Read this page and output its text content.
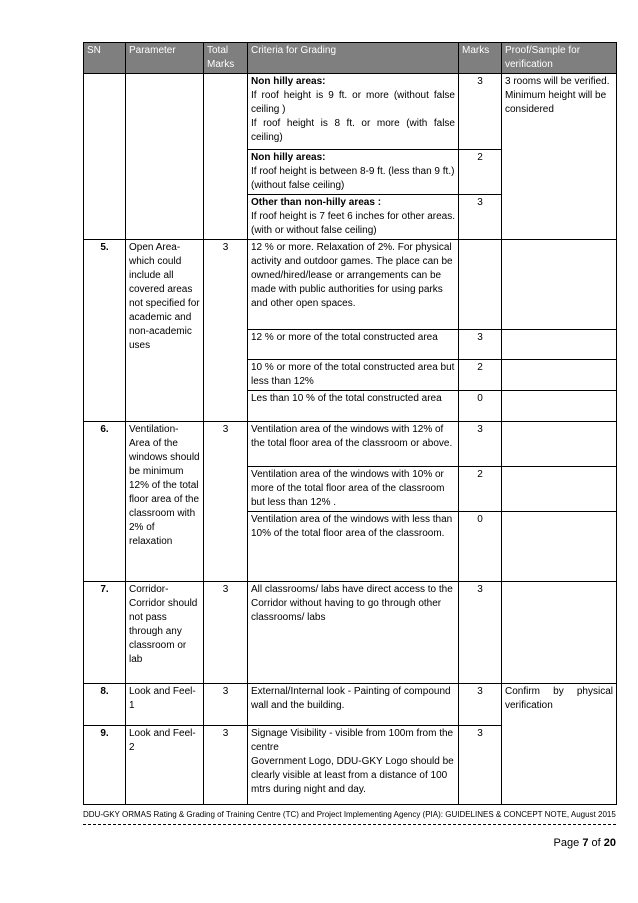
SN	Parameter	Total Marks	Criteria for Grading	Marks	Proof/Sample for verification

			Non hilly areas:

If roof height is 9 ft. or more (without false ceiling )

If roof height is 8 ft. or more (with false ceiling)	3	3 rooms will be verified. Minimum height will be considered

			Non hilly areas:

If roof height is between 8-9 ft. (less than 9 ft.) (without false ceiling)	2	

			Other than non-hilly areas :

If roof height is 7 feet 6 inches for other areas. (with or without false ceiling)	3	
5.	Open Area-which could include all covered areas not specified for academic and non-academic uses	3	12 % or more. Relaxation of 2%. For physical activity and outdoor games. The place can be owned/hired/lease or arrangements can be made with public authorities for using parks and other open spaces.		
			12 % or more of the total constructed area	3	
			10 % or more of the total constructed area but less than 12%	2	
			Les than 10 % of the total constructed area	0	
6.	Ventilation- Area of the windows should be minimum 12% of the total floor area of the classroom with 2% of relaxation	3	Ventilation area of the windows with 12% of the total floor area of the classroom or above.	3	
			Ventilation area of the windows with 10% or more of the total floor area of the classroom but less than 12% .	2	
			Ventilation area of the windows with less than 10% of the total floor area of the classroom.	0	
7.	Corridor- Corridor should not pass through any classroom or lab	3	All classrooms/ labs have direct access to the Corridor without having to go through other classrooms/ labs	3	
8.	Look and Feel-1	3	External/Internal look - Painting of compound wall and the building.	3	Confirm by physical verification
9.	Look and Feel-2	3	Signage Visibility - visible from 100m from the centre

Government Logo, DDU-GKY Logo should be clearly visible at least from a distance of 100 mtrs during night and day.	3	
DDU-GKY ORMAS Rating & Grading of Training Centre (TC) and Project Implementing Agency (PIA): GUIDELINES & CONCEPT NOTE, August 2015
Page 7 of 20
